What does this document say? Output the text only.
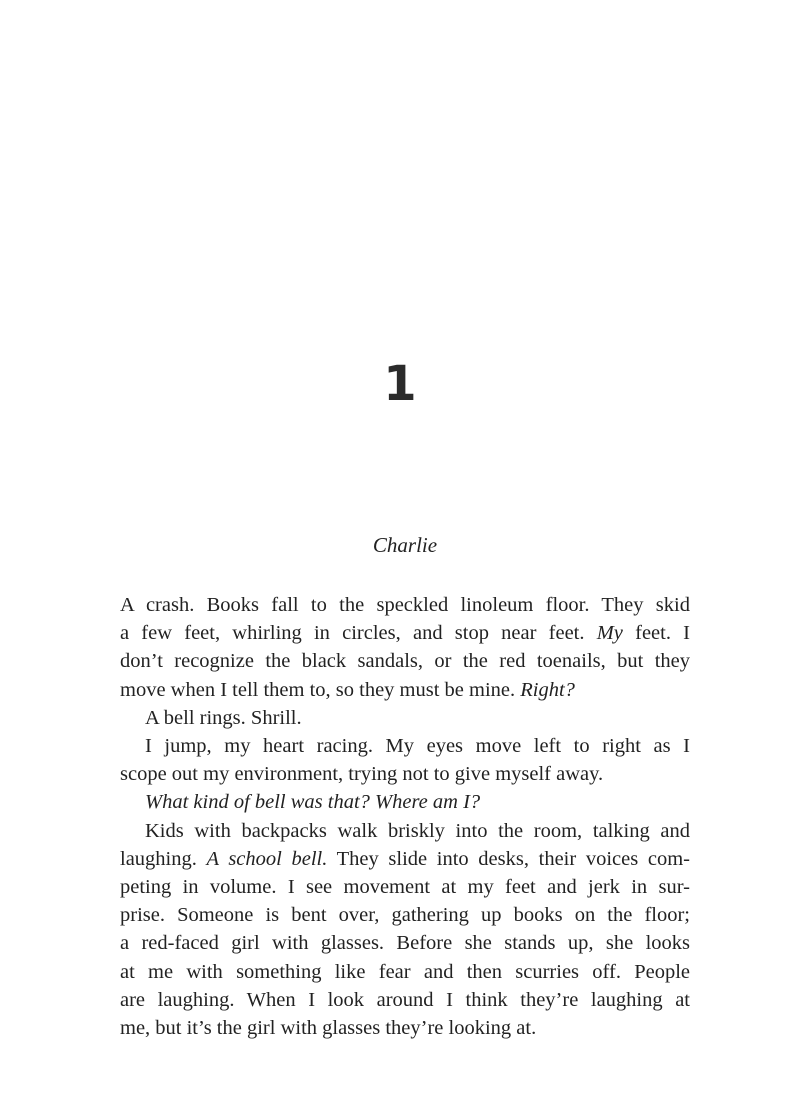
1
Charlie
A crash. Books fall to the speckled linoleum floor. They skid
a few feet, whirling in circles, and stop near feet. My feet. I
don’t recognize the black sandals, or the red toenails, but they
move when I tell them to, so they must be mine. Right?
A bell rings. Shrill.
I jump, my heart racing. My eyes move left to right as I
scope out my environment, trying not to give myself away.
What kind of bell was that? Where am I?
Kids with backpacks walk briskly into the room, talking and
laughing. A school bell. They slide into desks, their voices com-
peting in volume. I see movement at my feet and jerk in sur-
prise. Someone is bent over, gathering up books on the floor;
a red-faced girl with glasses. Before she stands up, she looks
at me with something like fear and then scurries off. People
are laughing. When I look around I think they’re laughing at
me, but it’s the girl with glasses they’re looking at.
